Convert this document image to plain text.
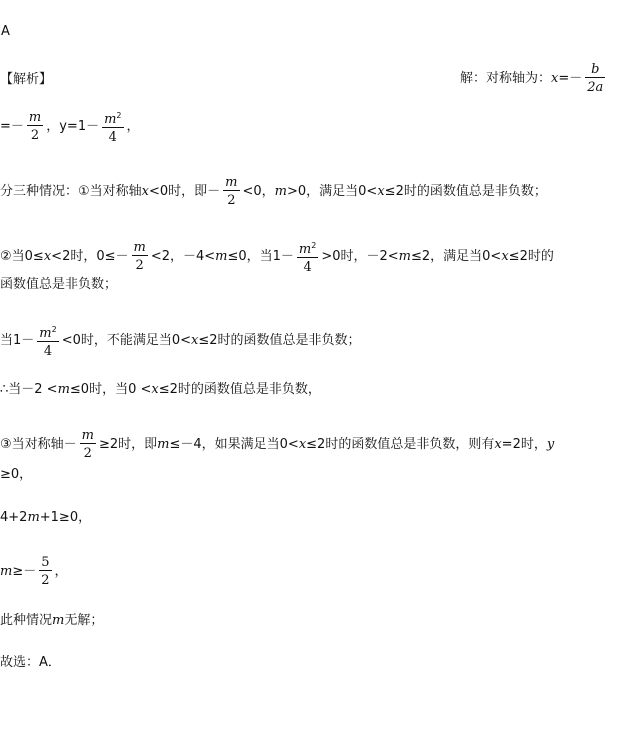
A
【解析】	解：对称轴为：$x=- \frac{b}{2a}$
=－ $\frac{m}{2}$ ，$y=1- \frac{m^2}{4}$ ，
分三种情况：①当对称轴x<0时，即－ $\frac{m}{2} <0$，m>0，满足当0<x≤2时的函数值总是非负数；
②当0≤x<2时，$0\le- \frac{m}{2} <2$，－4<m≤0，当$1- \frac{m^2}{4} >0$时，－2<m≤2，满足当0<x≤2时的
函数值总是非负数；
当$1- \frac{m^2}{4} <0$时，不能满足当0<x≤2时的函数值总是非负数；
∴当－2 <m≤0时，当0 <x≤2时的函数值总是非负数，
③当对称轴－ $\frac{m}{2} \ge 2$时，即m≤－4，如果满足当0<x≤2时的函数值总是非负数，则有x=2时，y
≥0，
4+2m+1≥0，
$m\ge- \frac{5}{2}$ ，
此种情况m无解；
故选：A．
